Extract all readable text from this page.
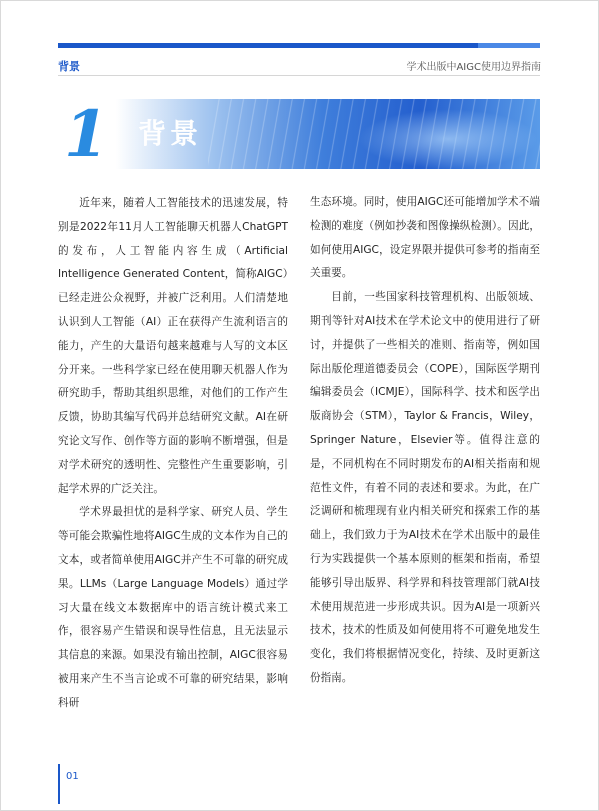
背景	学术出版中AIGC使用边界指南
1 背景

近年来，随着人工智能技术的迅速发展，特别是2022年11月人工智能聊天机器人ChatGPT的发布，人工智能内容生成（Artificial Intelligence Generated Content，简称AIGC）已经走进公众视野，并被广泛利用。人们清楚地认识到人工智能（AI）正在获得产生流利语言的能力，产生的大量语句越来越难与人写的文本区分开来。一些科学家已经在使用聊天机器人作为研究助手，帮助其组织思维，对他们的工作产生反馈，协助其编写代码并总结研究文献。AI在研究论文写作、创作等方面的影响不断增强，但是对学术研究的透明性、完整性产生重要影响，引起学术界的广泛关注。

学术界最担忧的是科学家、研究人员、学生等可能会欺骗性地将AIGC生成的文本作为自己的文本，或者简单使用AIGC并产生不可靠的研究成果。LLMs（Large Language Models）通过学习大量在线文本数据库中的语言统计模式来工作，很容易产生错误和误导性信息，且无法显示其信息的来源。如果没有输出控制，AIGC很容易被用来产生不当言论或不可靠的研究结果，影响科研

生态环境。同时，使用AIGC还可能增加学术不端检测的难度（例如抄袭和图像操纵检测）。因此，如何使用AIGC，设定界限并提供可参考的指南至关重要。

目前，一些国家科技管理机构、出版领域、期刊等针对AI技术在学术论文中的使用进行了研讨，并提供了一些相关的准则、指南等，例如国际出版伦理道德委员会（COPE），国际医学期刊编辑委员会（ICMJE），国际科学、技术和医学出版商协会（STM），Taylor & Francis，Wiley，Springer Nature，Elsevier等。值得注意的是，不同机构在不同时期发布的AI相关指南和规范性文件，有着不同的表述和要求。为此，在广泛调研和梳理现有业内相关研究和探索工作的基础上，我们致力于为AI技术在学术出版中的最佳行为实践提供一个基本原则的框架和指南，希望能够引导出版界、科学界和科技管理部门就AI技术使用规范进一步形成共识。因为AI是一项新兴技术，技术的性质及如何使用将不可避免地发生变化，我们将根据情况变化，持续、及时更新这份指南。

01
